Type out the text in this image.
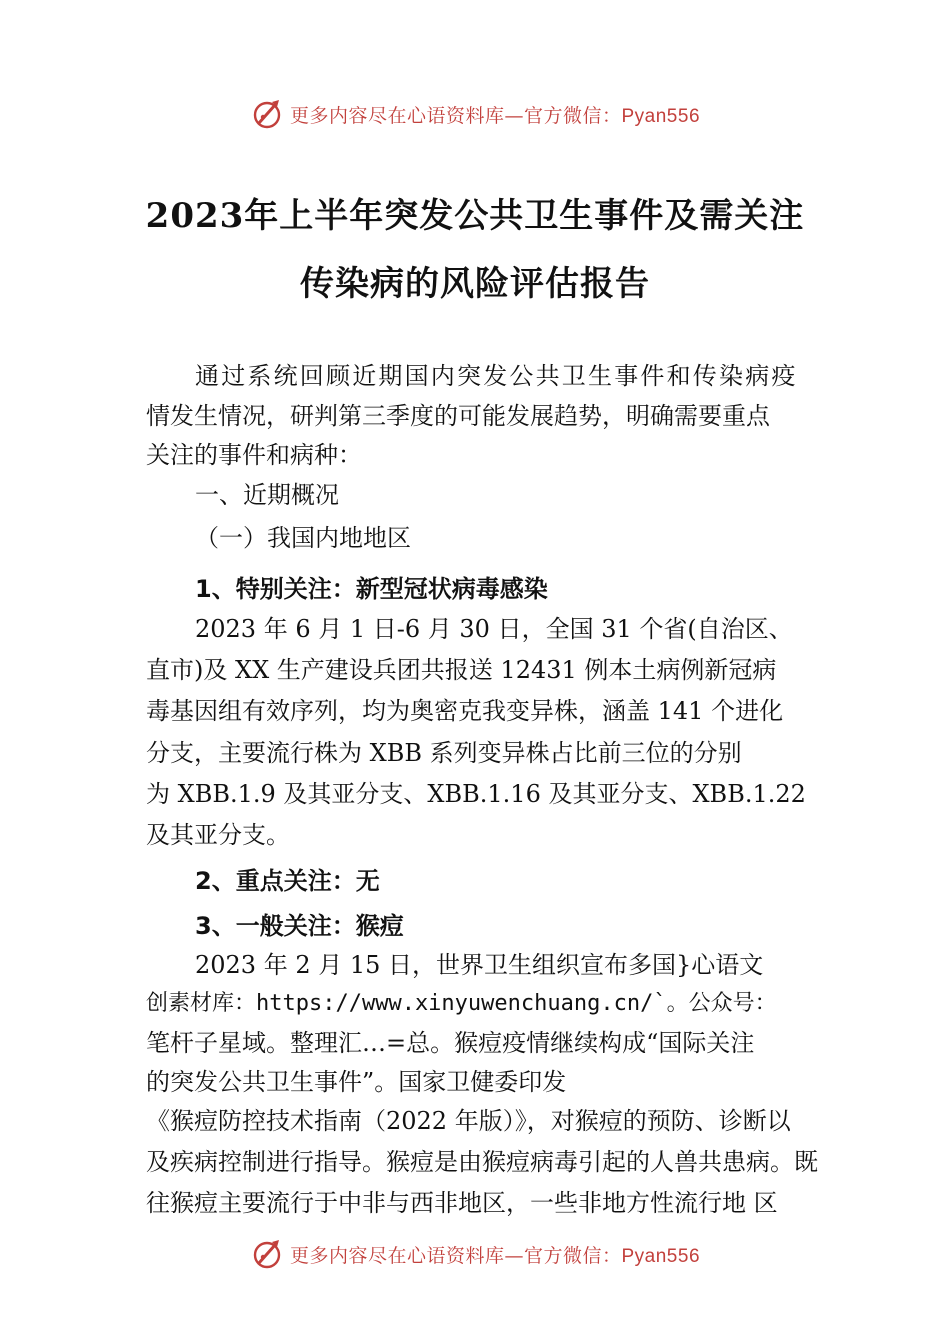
更多内容尽在心语资料库—官方微信：Pyan556
2023年上半年突发公共卫生事件及需关注
传染病的风险评估报告
通过系统回顾近期国内突发公共卫生事件和传染病疫
情发生情况，研判第三季度的可能发展趋势，明确需要重点
关注的事件和病种：
一、近期概况
（一）我国内地地区
1、特别关注：新型冠状病毒感染
2023 年 6 月 1 日-6 月 30 日，全国 31 个省(自治区、
直市)及 XX 生产建设兵团共报送 12431 例本土病例新冠病
毒基因组有效序列，均为奥密克我变异株，涵盖 141 个进化
分支，主要流行株为 XBB 系列变异株占比前三位的分别
为 XBB.1.9 及其亚分支、XBB.1.16 及其亚分支、XBB.1.22
及其亚分支。
2、重点关注：无
3、一般关注：猴痘
2023 年 2 月 15 日，世界卫生组织宣布多国}心语文
创素材库：https://www.xinyuwenchuang.cn/`。公众号：
笔杆子星域。整理汇…=总。猴痘疫情继续构成“国际关注
的突发公共卫生事件”。国家卫健委印发
《猴痘防控技术指南（2022 年版）》，对猴痘的预防、诊断以
及疾病控制进行指导。猴痘是由猴痘病毒引起的人兽共患病。既
往猴痘主要流行于中非与西非地区，一些非地方性流行地 区
更多内容尽在心语资料库—官方微信：Pyan556
